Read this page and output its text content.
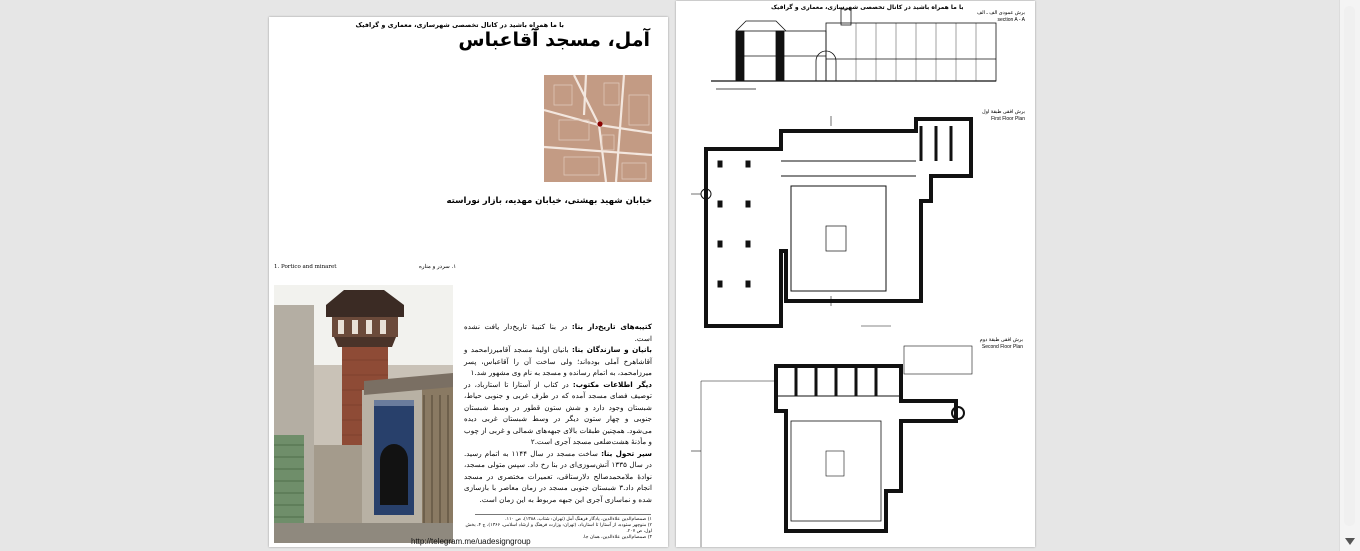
با ما همراه باشید در کانال تخصصی شهرسازی، معماری و گرافیک
آمل، مسجد آقاعباس
خیابان شهید بهشتی، خیابان مهدیه، بازار نوراسته
1. Portico and minaret	۱. سردر و مناره

کتیبه‌های تاریخ‌دار بنا: در بنا کتیبهٔ تاریخ‌دار یافت نشده است.

بانیان و سازندگان بنا: بانیان اولیهٔ مسجد آقامیرزامحمد و آقاشاهرخ آملی بوده‌اند؛ ولی ساخت آن را آقاعباس، پسر میرزامحمد، به اتمام رسانده و مسجد به نام وی مشهور شد.۱

دیگر اطلاعات مکتوب: در کتاب از آستارا تا استارباد، در توصیف فضای مسجد آمده که در طرف غربی و جنوبی حیاط، شبستان وجود دارد و شش ستون قطور در وسط شبستان جنوبی و چهار ستون دیگر در وسط شبستان غربی دیده می‌شود. همچنین طبقات بالای جبهه‌های شمالی و غربی از چوب و مأذنهٔ هشت‌ضلعی مسجد آجری است.۲

سیر تحول بنا: ساخت مسجد در سال ۱۱۴۴ به اتمام رسید. در سال ۱۳۳۵ آتش‌سوزی‌ای در بنا رخ داد. سپس متولی مسجد، نوادهٔ ملامحمدصالح دلارستاقی، تعمیرات مختصری در مسجد انجام داد.۳ شبستان جنوبی مسجد در زمان معاصر با بازسازی شده و نماسازی آجری این جبهه مربوط به این زمان است.

۱) صمصام‌الدین علاءالدین، یادگار فرهنگ آمل (تهران: شتاب، ۱۳۸۸)، ص ۱۱۰.
۲) منوچهر ستوده، از آستارا تا استارباد، (تهران: وزارت فرهنگ و ارشاد اسلامی، ۱۳۶۶)، ج ۴، بخش اول، ص ۲۰۷.
۳) صمصام‌الدین علاءالدین، همان جا.
http://telegram.me/uadesigngroup
با ما همراه باشید در کانال تخصصی شهرسازی، معماری و گرافیک
برش عمودی الف ـ الف
section A - A
برش افقی طبقهٔ اول
First Floor Plan
برش افقی طبقهٔ دوم
Second Floor Plan
